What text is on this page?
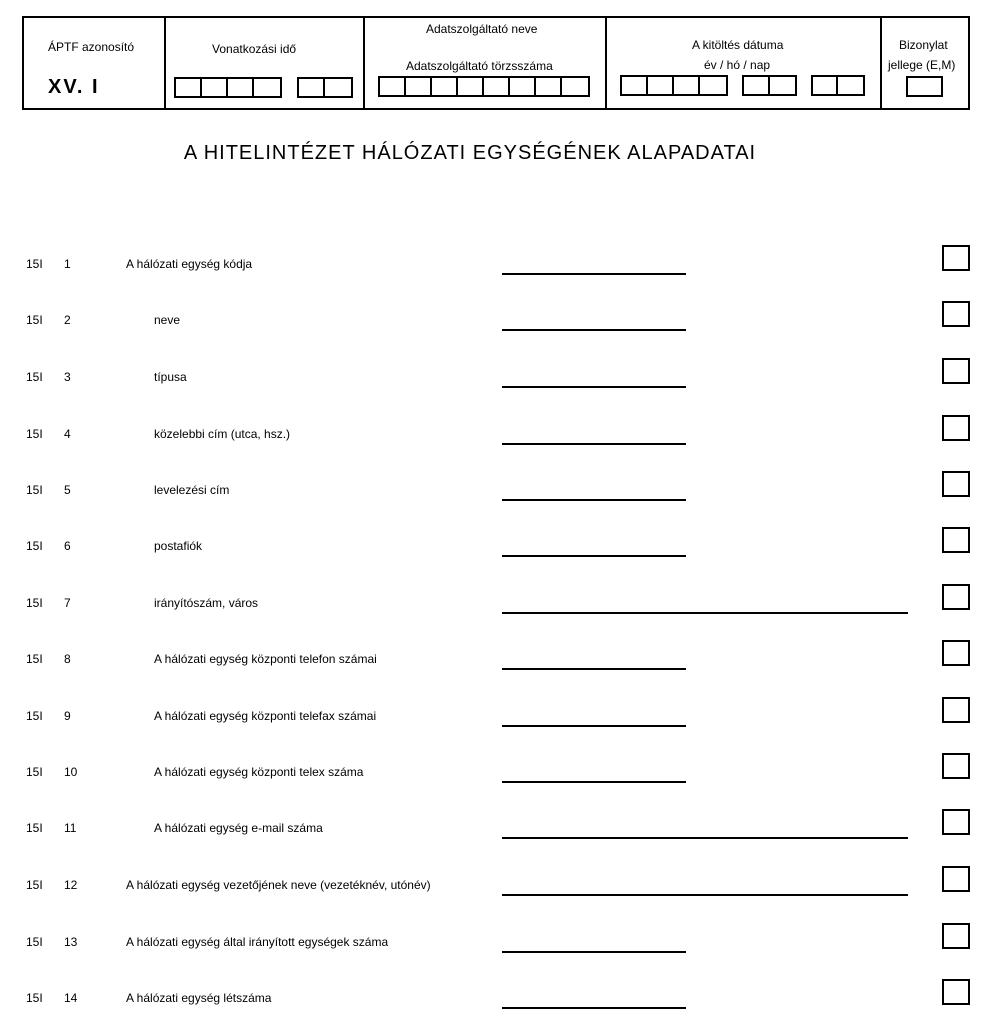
ÁPTF azonosító
XV. I
Vonatkozási idő
Adatszolgáltató neve
Adatszolgáltató törzsszáma
A kitöltés dátuma
év / hó / nap
Bizonylat
jellege (E,M)
A HITELINTÉZET HÁLÓZATI EGYSÉGÉNEK ALAPADATAI
15I 1	A hálózati egység kódja
15I 2	neve
15I 3	típusa
15I 4	közelebbi cím (utca, hsz.)
15I 5	levelezési cím
15I 6	postafiók
15I 7	irányítószám, város
15I 8	A hálózati egység központi telefon számai
15I 9	A hálózati egység központi telefax számai
15I 10	A hálózati egység központi telex száma
15I 11	A hálózati egység e-mail száma
15I 12	A hálózati egység vezetőjének neve (vezetéknév, utónév)
15I 13	A hálózati egység által irányított egységek száma
15I 14	A hálózati egység létszáma
